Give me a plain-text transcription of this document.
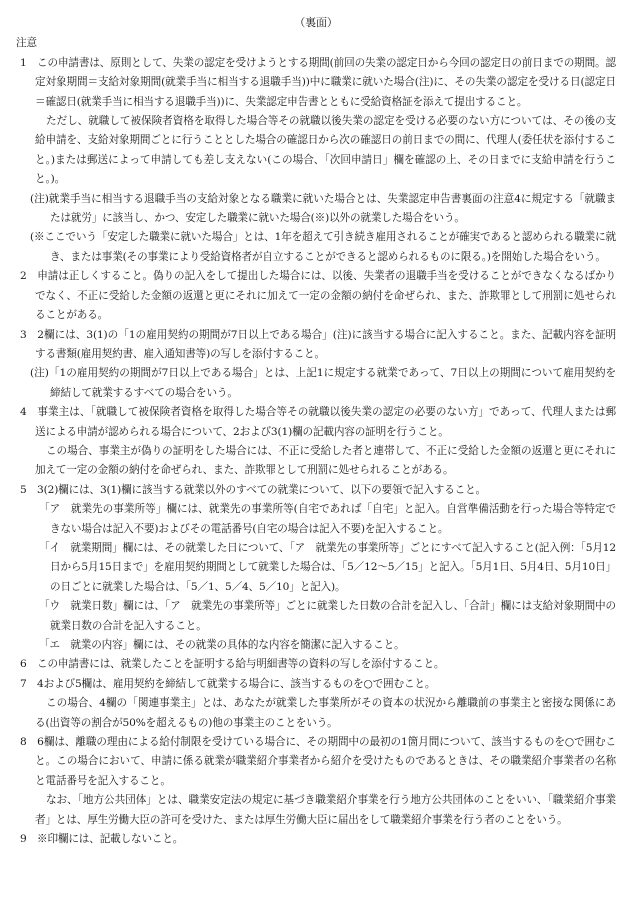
（裏面）
注意

1　この申請書は、原則として、失業の認定を受けようとする期間(前回の失業の認定日から今回の認定日の前日までの期間。認定対象期間＝支給対象期間(就業手当に相当する退職手当))中に職業に就いた場合(注)に、その失業の認定を受ける日(認定日＝確認日(就業手当に相当する退職手当))に、失業認定申告書とともに受給資格証を添えて提出すること。

ただし、就職して被保険者資格を取得した場合等その就職以後失業の認定を受ける必要のない方については、その後の支給申請を、支給対象期間ごとに行うこととした場合の確認日から次の確認日の前日までの間に、代理人(委任状を添付すること。)または郵送によって申請しても差し支えない(この場合、「次回申請日」欄を確認の上、その日までに支給申請を行うこと。)。

(注)就業手当に相当する退職手当の支給対象となる職業に就いた場合とは、失業認定申告書裏面の注意4に規定する「就職または就労」に該当し、かつ、安定した職業に就いた場合(※)以外の就業した場合をいう。

(※ここでいう「安定した職業に就いた場合」とは、1年を超えて引き続き雇用されることが確実であると認められる職業に就き、または事業(その事業により受給資格者が自立することができると認められるものに限る。)を開始した場合をいう。

2　申請は正しくすること。偽りの記入をして提出した場合には、以後、失業者の退職手当を受けることができなくなるばかりでなく、不正に受給した金額の返還と更にそれに加えて一定の金額の納付を命ぜられ、また、詐欺罪として刑罰に処せられることがある。

3　2欄には、3(1)の「1の雇用契約の期間が7日以上である場合」(注)に該当する場合に記入すること。また、記載内容を証明する書類(雇用契約書、雇入通知書等)の写しを添付すること。

(注)「1の雇用契約の期間が7日以上である場合」とは、上記1に規定する就業であって、7日以上の期間について雇用契約を締結して就業するすべての場合をいう。

4　事業主は、「就職して被保険者資格を取得した場合等その就職以後失業の認定の必要のない方」であって、代理人または郵送による申請が認められる場合について、2および3(1)欄の記載内容の証明を行うこと。

この場合、事業主が偽りの証明をした場合には、不正に受給した者と連帯して、不正に受給した金額の返還と更にそれに加えて一定の金額の納付を命ぜられ、また、詐欺罪として刑罰に処せられることがある。

5　3(2)欄には、3(1)欄に該当する就業以外のすべての就業について、以下の要領で記入すること。

「ア　就業先の事業所等」欄には、就業先の事業所等(自宅であれば「自宅」と記入。自営準備活動を行った場合等特定できない場合は記入不要)およびその電話番号(自宅の場合は記入不要)を記入すること。

「イ　就業期間」欄には、その就業した日について、「ア　就業先の事業所等」ごとにすべて記入すること(記入例：「5月12日から5月15日まで」を雇用契約期間として就業した場合は、「5／12～5／15」と記入。「5月1日、5月4日、5月10日」の日ごとに就業した場合は、「5／1、5／4、5／10」と記入)。

「ウ　就業日数」欄には、「ア　就業先の事業所等」ごとに就業した日数の合計を記入し、「合計」欄には支給対象期間中の就業日数の合計を記入すること。

「エ　就業の内容」欄には、その就業の具体的な内容を簡潔に記入すること。

6　この申請書には、就業したことを証明する給与明細書等の資料の写しを添付すること。

7　4および5欄は、雇用契約を締結して就業する場合に、該当するものを○で囲むこと。

この場合、4欄の「関連事業主」とは、あなたが就業した事業所がその資本の状況から離職前の事業主と密接な関係にある(出資等の割合が50%を超えるもの)他の事業主のことをいう。

8　6欄は、離職の理由による給付制限を受けている場合に、その期間中の最初の1箇月間について、該当するものを○で囲むこと。この場合において、申請に係る就業が職業紹介事業者から紹介を受けたものであるときは、その職業紹介事業者の名称と電話番号を記入すること。

なお、「地方公共団体」とは、職業安定法の規定に基づき職業紹介事業を行う地方公共団体のことをいい、「職業紹介事業者」とは、厚生労働大臣の許可を受けた、または厚生労働大臣に届出をして職業紹介事業を行う者のことをいう。

9　※印欄には、記載しないこと。
